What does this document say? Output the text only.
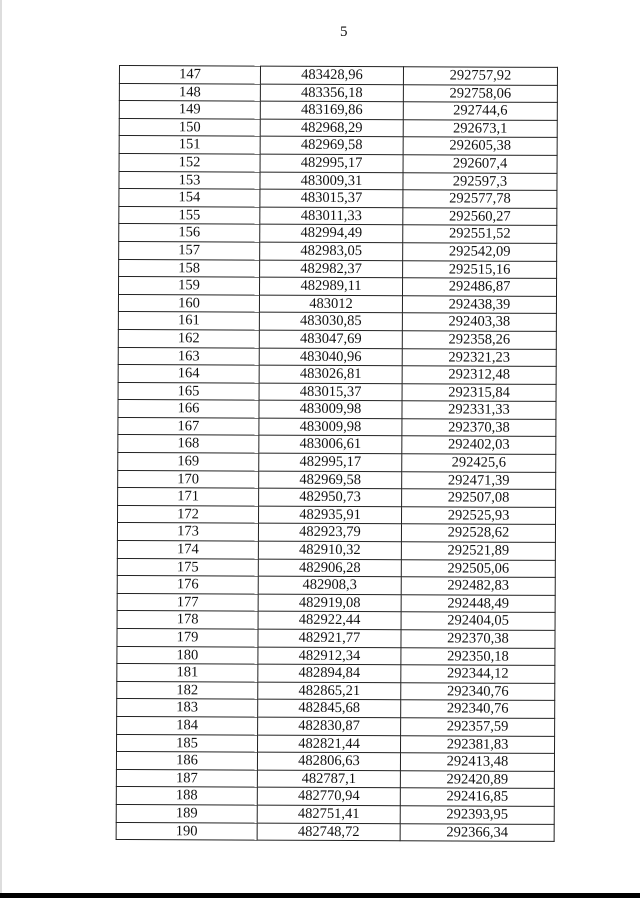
5
147	483428,96	292757,92
148	483356,18	292758,06
149	483169,86	292744,6
150	482968,29	292673,1
151	482969,58	292605,38
152	482995,17	292607,4
153	483009,31	292597,3
154	483015,37	292577,78
155	483011,33	292560,27
156	482994,49	292551,52
157	482983,05	292542,09
158	482982,37	292515,16
159	482989,11	292486,87
160	483012	292438,39
161	483030,85	292403,38
162	483047,69	292358,26
163	483040,96	292321,23
164	483026,81	292312,48
165	483015,37	292315,84
166	483009,98	292331,33
167	483009,98	292370,38
168	483006,61	292402,03
169	482995,17	292425,6
170	482969,58	292471,39
171	482950,73	292507,08
172	482935,91	292525,93
173	482923,79	292528,62
174	482910,32	292521,89
175	482906,28	292505,06
176	482908,3	292482,83
177	482919,08	292448,49
178	482922,44	292404,05
179	482921,77	292370,38
180	482912,34	292350,18
181	482894,84	292344,12
182	482865,21	292340,76
183	482845,68	292340,76
184	482830,87	292357,59
185	482821,44	292381,83
186	482806,63	292413,48
187	482787,1	292420,89
188	482770,94	292416,85
189	482751,41	292393,95
190	482748,72	292366,34
